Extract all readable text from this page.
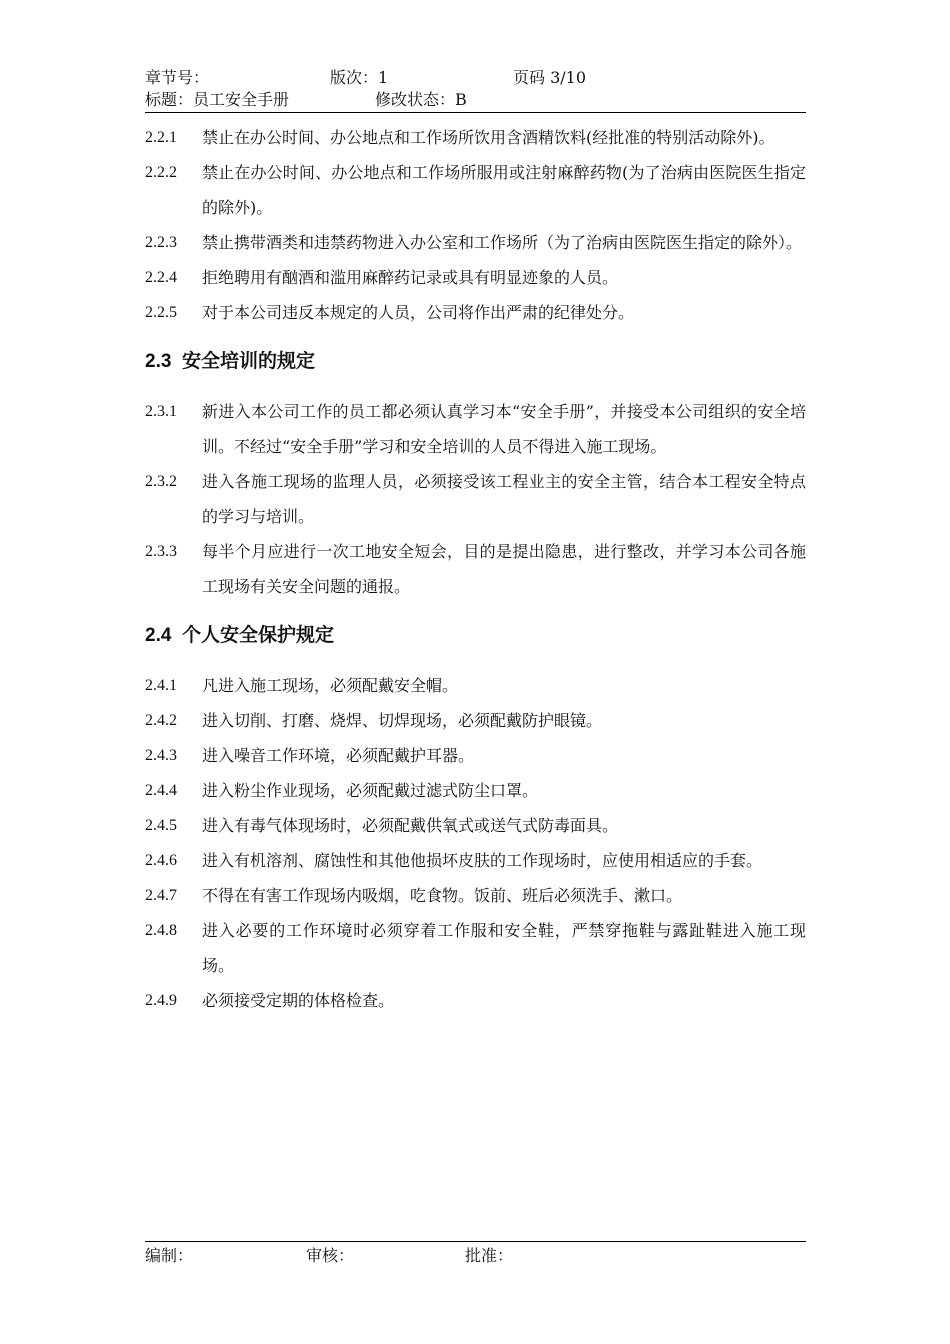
章节号：	版次：1	页码 3/10
标题：员工安全手册	修改状态：B
2.2.1	禁止在办公时间、办公地点和工作场所饮用含酒精饮料(经批准的特别活动除外)。
2.2.2	禁止在办公时间、办公地点和工作场所服用或注射麻醉药物(为了治病由医院医生指定的除外)。
2.2.3	禁止携带酒类和违禁药物进入办公室和工作场所（为了治病由医院医生指定的除外）。
2.2.4	拒绝聘用有酗酒和滥用麻醉药记录或具有明显迹象的人员。
2.2.5	对于本公司违反本规定的人员，公司将作出严肃的纪律处分。
2.3  安全培训的规定
2.3.1	新进入本公司工作的员工都必须认真学习本“安全手册”，并接受本公司组织的安全培训。不经过“安全手册”学习和安全培训的人员不得进入施工现场。
2.3.2	进入各施工现场的监理人员，必须接受该工程业主的安全主管，结合本工程安全特点的学习与培训。
2.3.3	每半个月应进行一次工地安全短会，目的是提出隐患，进行整改，并学习本公司各施工现场有关安全问题的通报。
2.4  个人安全保护规定
2.4.1	凡进入施工现场，必须配戴安全帽。
2.4.2	进入切削、打磨、烧焊、切焊现场，必须配戴防护眼镜。
2.4.3	进入噪音工作环境，必须配戴护耳器。
2.4.4	进入粉尘作业现场，必须配戴过滤式防尘口罩。
2.4.5	进入有毒气体现场时，必须配戴供氧式或送气式防毒面具。
2.4.6	进入有机溶剂、腐蚀性和其他他损坏皮肤的工作现场时，应使用相适应的手套。
2.4.7	不得在有害工作现场内吸烟，吃食物。饭前、班后必须洗手、漱口。
2.4.8	进入必要的工作环境时必须穿着工作服和安全鞋，严禁穿拖鞋与露趾鞋进入施工现场。
2.4.9	必须接受定期的体格检查。
编制：	审核：	批准：
